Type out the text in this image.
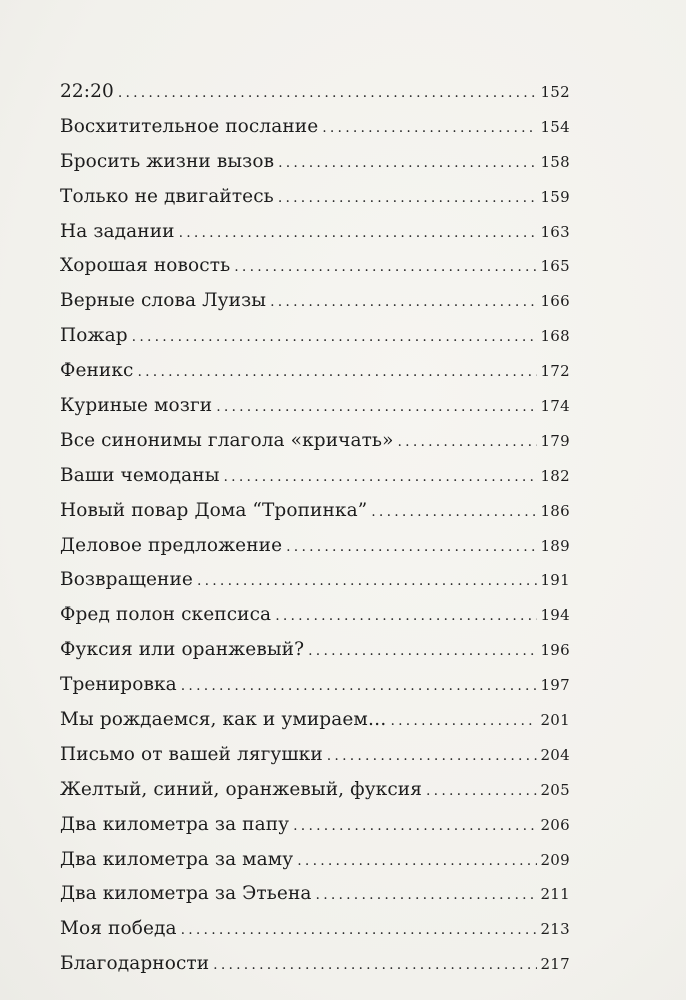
22:20 .....	152
Восхитительное послание .....	154
Бросить жизни вызов .....	158
Только не двигайтесь .....	159
На задании .....	163
Хорошая новость .....	165
Верные слова Луизы .....	166
Пожар .....	168
Феникс .....	172
Куриные мозги .....	174
Все синонимы глагола «кричать» .....	179
Ваши чемоданы .....	182
Новый повар Дома “Тропинка” .....	186
Деловое предложение .....	189
Возвращение .....	191
Фред полон скепсиса .....	194
Фуксия или оранжевый? .....	196
Тренировка .....	197
Мы рождаемся, как и умираем… .....	201
Письмо от вашей лягушки .....	204
Желтый, синий, оранжевый, фуксия .....	205
Два километра за папу .....	206
Два километра за маму .....	209
Два километра за Этьена .....	211
Моя победа .....	213
Благодарности .....	217
